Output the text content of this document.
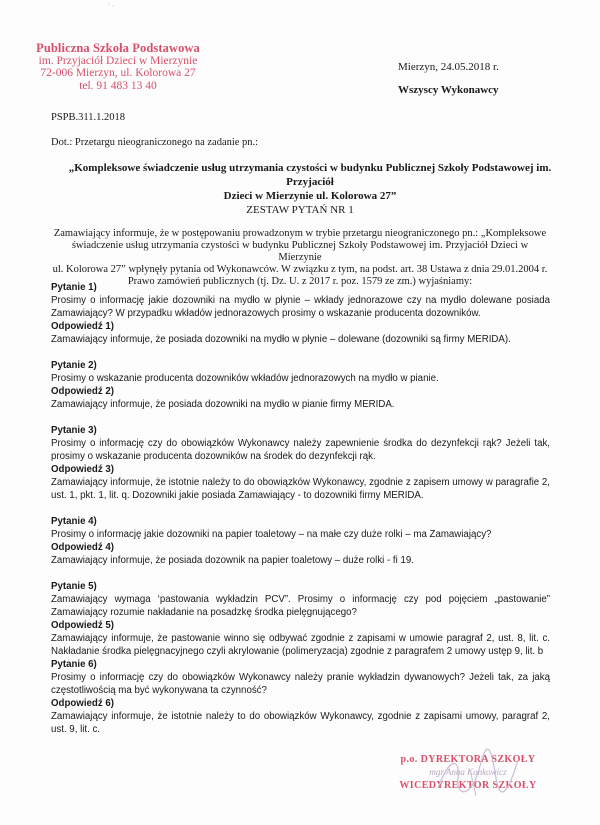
' ·
Publiczna Szkoła Podstawowa
im. Przyjaciół Dzieci w Mierzynie
72-006 Mierzyn, ul. Kolorowa 27
tel. 91 483 13 40
Mierzyn, 24.05.2018 r.
Wszyscy Wykonawcy
PSPB.311.1.2018
Dot.: Przetargu nieograniczonego na zadanie pn.:
„Kompleksowe świadczenie usług utrzymania czystości w budynku Publicznej Szkoły Podstawowej im. Przyjaciół
Dzieci w Mierzynie ul. Kolorowa 27”
ZESTAW PYTAŃ NR 1
Zamawiający informuje, że w postępowaniu prowadzonym w trybie przetargu nieograniczonego pn.: „Kompleksowe
świadczenie usług utrzymania czystości w budynku Publicznej Szkoły Podstawowej im. Przyjaciół Dzieci w Mierzynie
ul. Kolorowa 27” wpłynęły pytania od Wykonawców. W związku z tym, na podst. art. 38 Ustawa z dnia 29.01.2004 r.
Prawo zamówień publicznych (tj. Dz. U. z 2017 r. poz. 1579 ze zm.) wyjaśniamy:
Pytanie 1)
Prosimy o informację jakie dozowniki na mydło w płynie – wkłady jednorazowe czy na mydło dolewane posiada Zamawiający? W przypadku wkładów jednorazowych prosimy o wskazanie producenta dozowników.
Odpowiedź 1)
Zamawiający informuje, że posiada dozowniki na mydło w płynie – dolewane (dozowniki są firmy MERIDA).
Pytanie 2)
Prosimy o wskazanie producenta dozowników wkładów jednorazowych na mydło w pianie.
Odpowiedź 2)
Zamawiający informuje, że posiada dozowniki na mydło w pianie firmy MERIDA.
Pytanie 3)
Prosimy o informację czy do obowiązków Wykonawcy należy zapewnienie środka do dezynfekcji rąk? Jeżeli tak, prosimy o wskazanie producenta dozowników na środek do dezynfekcji rąk.
Odpowiedź 3)
Zamawiający informuje, że istotnie należy to do obowiązków Wykonawcy, zgodnie z zapisem umowy w paragrafie 2, ust. 1, pkt. 1, lit. q. Dozowniki jakie posiada Zamawiający - to dozowniki firmy MERIDA.
Pytanie 4)
Prosimy o informację jakie dozowniki na papier toaletowy – na małe czy duże rolki – ma Zamawiający?
Odpowiedź 4)
Zamawiający informuje, że posiada dozownik na papier toaletowy – duże rolki - fi 19.
Pytanie 5)
Zamawiający wymaga ‘pastowania wykładzin PCV”. Prosimy o informację czy pod pojęciem „pastowanie” Zamawiający rozumie nakładanie na posadzkę środka pielęgnującego?
Odpowiedź 5)
Zamawiający informuje, że pastowanie winno się odbywać zgodnie z zapisami w umowie paragraf 2, ust. 8, lit. c. Nakładanie środka pielęgnacyjnego czyli akrylowanie (polimeryzacja) zgodnie z paragrafem 2 umowy ustęp 9, lit. b
Pytanie 6)
Prosimy o informację czy do obowiązków Wykonawcy należy pranie wykładzin dywanowych? Jeżeli tak, za jaką częstotliwością ma być wykonywana ta czynność?
Odpowiedź 6)
Zamawiający informuje, że istotnie należy to do obowiązków Wykonawcy, zgodnie z zapisami umowy, paragraf 2, ust. 9, lit. c.
p.o. DYREKTORA SZKOŁY
mgr Anna Konkowicz
WICEDYREKTOR SZKOŁY
